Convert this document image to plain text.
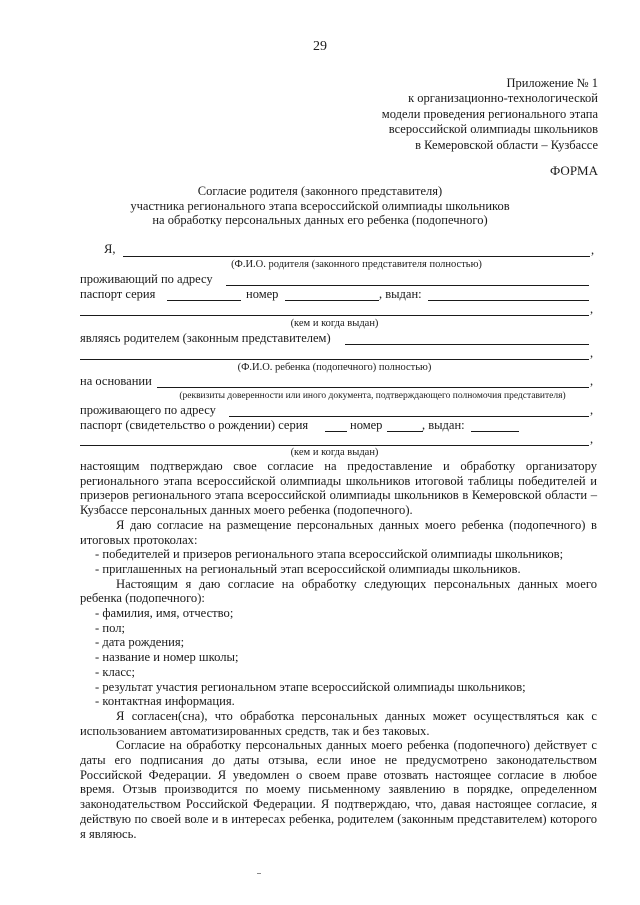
29
Приложение № 1
к организационно-технологической
модели проведения регионального этапа
всероссийской олимпиады школьников
в Кемеровской области – Кузбассе
ФОРМА
Согласие родителя (законного представителя)
участника регионального этапа всероссийской олимпиады школьников
на обработку персональных данных его ребенка (подопечного)
Я,	,
(Ф.И.О. родителя (законного представителя полностью)
проживающий по адресу
паспорт серия	номер	, выдан:
,
(кем и когда выдан)
являясь родителем (законным представителем)
,
(Ф.И.О. ребенка (подопечного) полностью)
на основании	,
(реквизиты доверенности или иного документа, подтверждающего полномочия представителя)
проживающего по адресу	,
паспорт (свидетельство о рождении) серия	номер	, выдан:
,
(кем и когда выдан)

настоящим подтверждаю свое согласие на предоставление и обработку организатору регионального этапа всероссийской олимпиады школьников итоговой таблицы победителей и призеров регионального этапа всероссийской олимпиады школьников в Кемеровской области – Кузбассе персональных данных моего ребенка (подопечного).

Я даю согласие на размещение персональных данных моего ребенка (подопечного) в итоговых протоколах:

- победителей и призеров регионального этапа всероссийской олимпиады школьников;

- приглашенных на региональный этап всероссийской олимпиады школьников.

Настоящим я даю согласие на обработку следующих персональных данных моего ребенка (подопечного):

- фамилия, имя, отчество;

- пол;

- дата рождения;

- название и номер школы;

- класс;

- результат участия региональном этапе всероссийской олимпиады школьников;

- контактная информация.

Я согласен(сна), что обработка персональных данных может осуществляться как с использованием автоматизированных средств, так и без таковых.

Согласие на обработку персональных данных моего ребенка (подопечного) действует с даты его подписания до даты отзыва, если иное не предусмотрено законодательством Российской Федерации. Я уведомлен о своем праве отозвать настоящее согласие в любое время. Отзыв производится по моему письменному заявлению в порядке, определенном законодательством Российской Федерации. Я подтверждаю, что, давая настоящее согласие, я действую по своей воле и в интересах ребенка, родителем (законным представителем) которого я являюсь.
